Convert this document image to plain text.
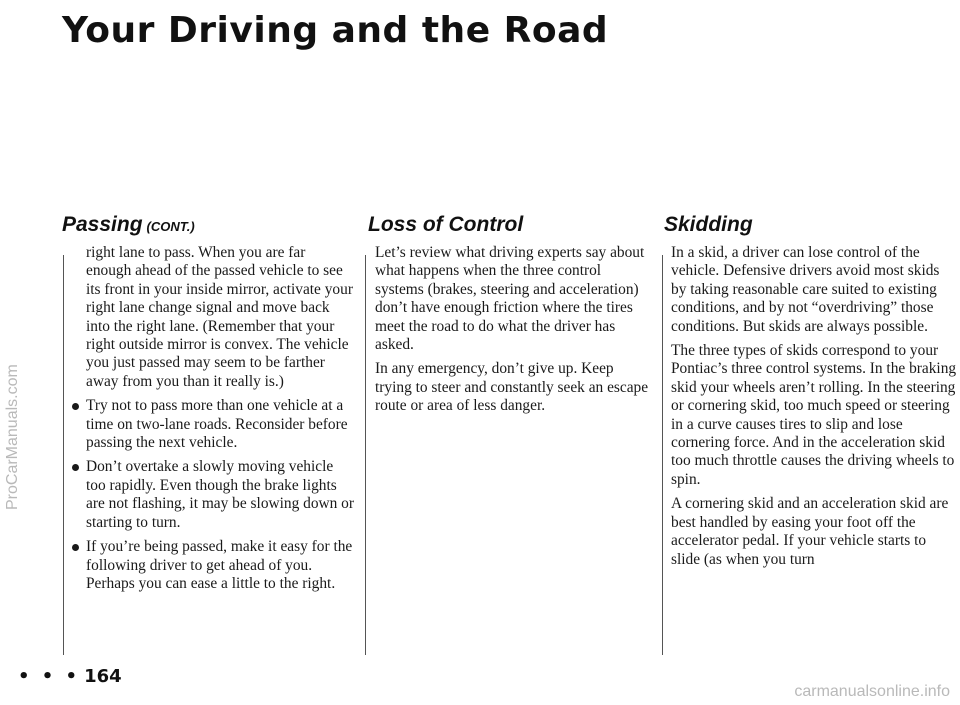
Your Driving and the Road
ProCarManuals.com
Passing (CONT.)

right lane to pass. When you are far enough ahead of the passed vehicle to see its front in your inside mirror, activate your right lane change signal and move back into the right lane. (Remember that your right outside mirror is convex. The vehicle you just passed may seem to be farther away from you than it really is.)

Try not to pass more than one vehicle at a time on two-lane roads. Reconsider before passing the next vehicle.
Don’t overtake a slowly moving vehicle too rapidly. Even though the brake lights are not flashing, it may be slowing down or starting to turn.
If you’re being passed, make it easy for the following driver to get ahead of you. Perhaps you can ease a little to the right.
Loss of Control

Let’s review what driving experts say about what happens when the three control systems (brakes, steering and acceleration) don’t have enough friction where the tires meet the road to do what the driver has asked.

In any emergency, don’t give up. Keep trying to steer and constantly seek an escape route or area of less danger.

Skidding

In a skid, a driver can lose control of the vehicle. Defensive drivers avoid most skids by taking reasonable care suited to existing conditions, and by not “overdriving” those conditions. But skids are always possible.

The three types of skids correspond to your Pontiac’s three control systems. In the braking skid your wheels aren’t rolling. In the steering or cornering skid, too much speed or steering in a curve causes tires to slip and lose cornering force. And in the acceleration skid too much throttle causes the driving wheels to spin.

A cornering skid and an acceleration skid are best handled by easing your foot off the accelerator pedal. If your vehicle starts to slide (as when you turn

• • • 164
carmanualsonline.info
